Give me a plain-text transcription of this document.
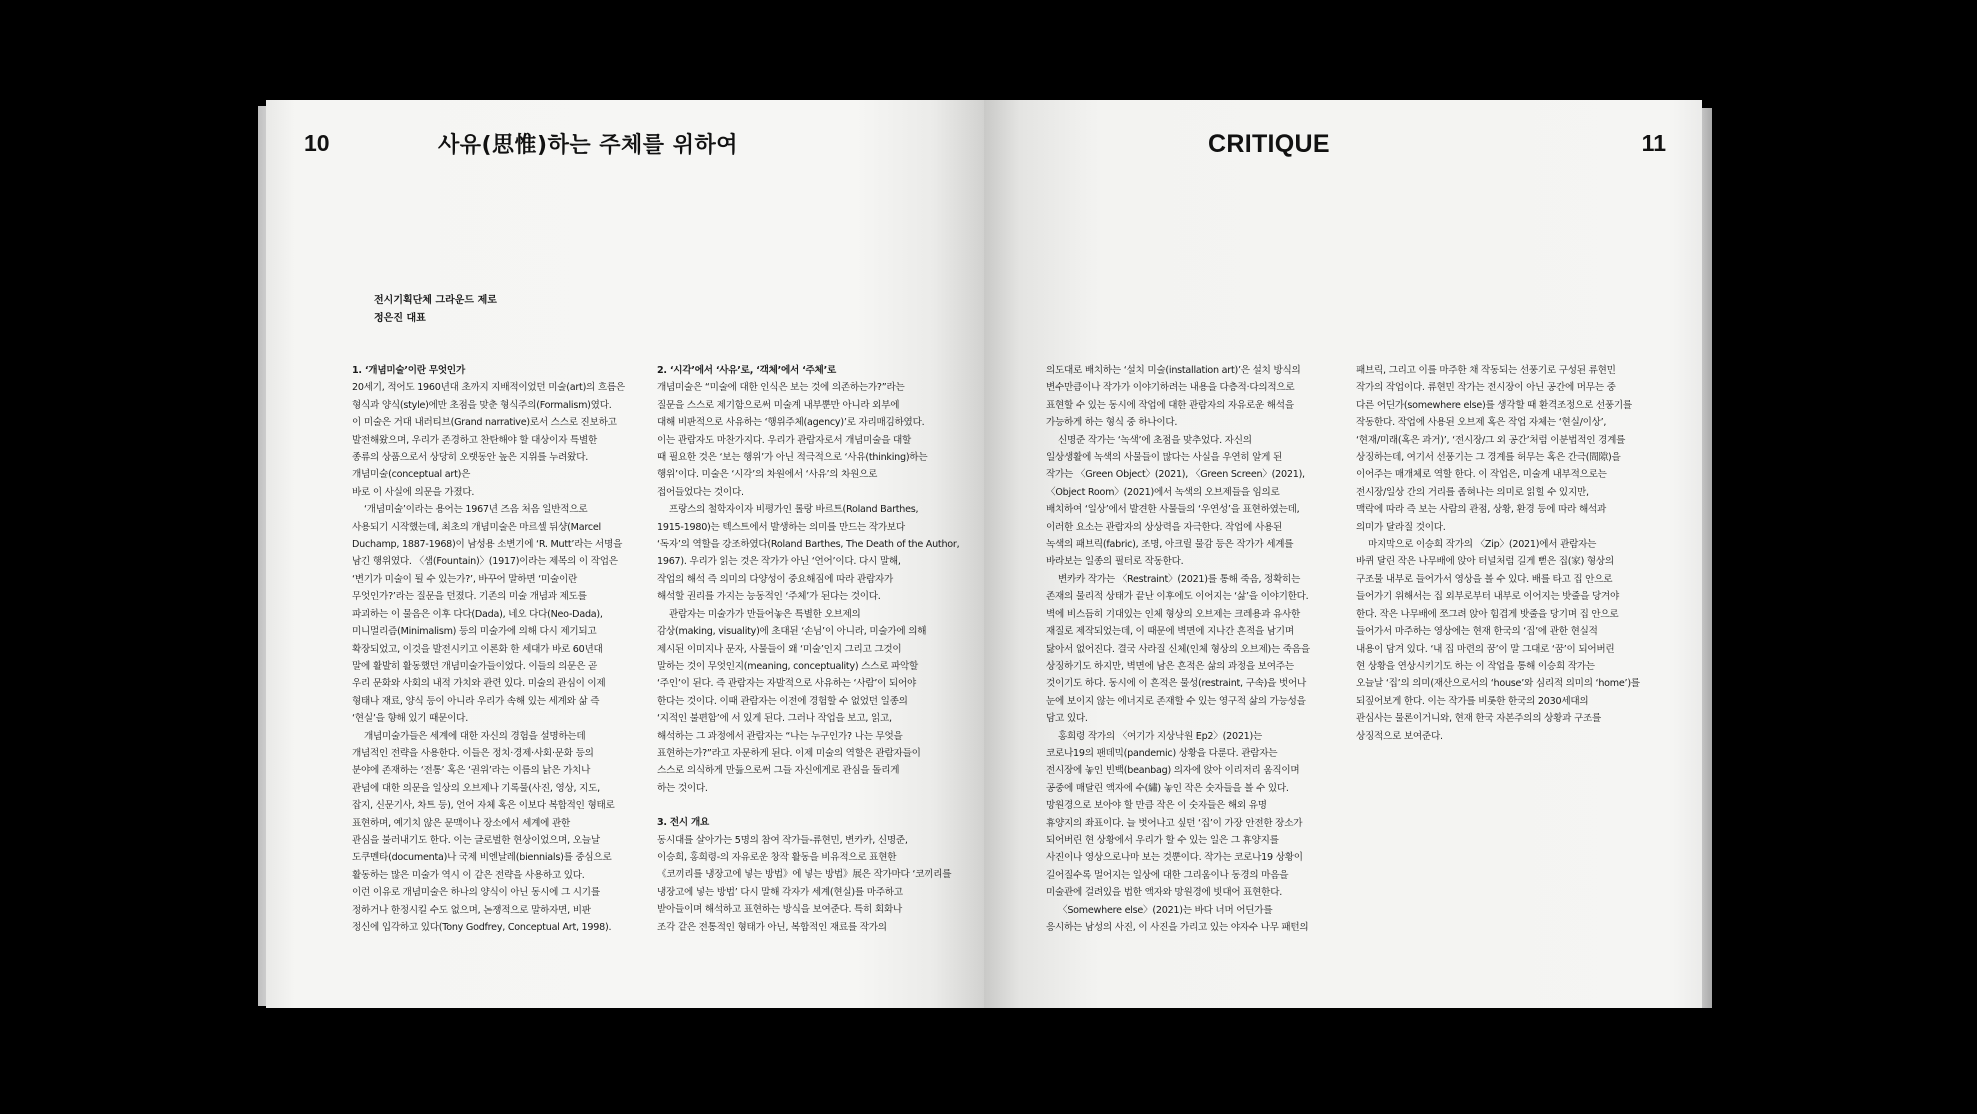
10	사유(思惟)하는 주체를 위하여
전시기획단체 그라운드 제로
정은진 대표

1. ‘개념미술’이란 무엇인가

20세기, 적어도 1960년대 초까지 지배적이었던 미술(art)의 흐름은

형식과 양식(style)에만 초점을 맞춘 형식주의(Formalism)였다.

이 미술은 거대 내러티브(Grand narrative)로서 스스로 진보하고

발전해왔으며, 우리가 존경하고 찬탄해야 할 대상이자 특별한

종류의 상품으로서 상당히 오랫동안 높은 지위를 누려왔다.

개념미술(conceptual art)은

바로 이 사실에 의문을 가졌다.

‘개념미술’이라는 용어는 1967년 즈음 처음 일반적으로

사용되기 시작했는데, 최초의 개념미술은 마르셀 뒤샹(Marcel

Duchamp, 1887-1968)이 남성용 소변기에 ‘R. Mutt’라는 서명을

남긴 행위였다. 〈샘(Fountain)〉(1917)이라는 제목의 이 작업은

‘변기가 미술이 될 수 있는가?’, 바꾸어 말하면 ‘미술이란

무엇인가?’라는 질문을 던졌다. 기존의 미술 개념과 제도를

파괴하는 이 물음은 이후 다다(Dada), 네오 다다(Neo-Dada),

미니멀리즘(Minimalism) 등의 미술가에 의해 다시 제기되고

확장되었고, 이것을 발전시키고 이론화 한 세대가 바로 60년대

말에 활발히 활동했던 개념미술가들이었다. 이들의 의문은 곧

우리 문화와 사회의 내적 가치와 관련 있다. 미술의 관심이 이제

형태나 재료, 양식 등이 아니라 우리가 속해 있는 세계와 삶 즉

‘현실’을 향해 있기 때문이다.

개념미술가들은 세계에 대한 자신의 경험을 설명하는데

개념적인 전략을 사용한다. 이들은 정치·경제·사회·문화 등의

분야에 존재하는 ‘전통’ 혹은 ‘권위’라는 이름의 낡은 가치나

관념에 대한 의문을 일상의 오브제나 기록물(사진, 영상, 지도,

잡지, 신문기사, 차트 등), 언어 자체 혹은 이보다 복합적인 형태로

표현하며, 예기치 않은 문맥이나 장소에서 세계에 관한

관심을 불러내기도 한다. 이는 글로벌한 현상이었으며, 오늘날

도쿠멘타(documenta)나 국제 비엔날레(biennials)를 중심으로

활동하는 많은 미술가 역시 이 같은 전략을 사용하고 있다.

이런 이유로 개념미술은 하나의 양식이 아닌 동시에 그 시기를

정하거나 한정시킬 수도 없으며, 논쟁적으로 말하자면, 비판

정신에 입각하고 있다(Tony Godfrey, Conceptual Art, 1998).

2. ‘시각’에서 ‘사유’로, ‘객체’에서 ‘주체’로

개념미술은 “미술에 대한 인식은 보는 것에 의존하는가?”라는

질문을 스스로 제기함으로써 미술계 내부뿐만 아니라 외부에

대해 비판적으로 사유하는 ‘행위주체(agency)’로 자리매김하였다.

이는 관람자도 마찬가지다. 우리가 관람자로서 개념미술을 대할

때 필요한 것은 ‘보는 행위’가 아닌 적극적으로 ‘사유(thinking)하는

행위’이다. 미술은 ‘시각’의 차원에서 ‘사유’의 차원으로

접어들었다는 것이다.

프랑스의 철학자이자 비평가인 롤랑 바르트(Roland Barthes,

1915-1980)는 텍스트에서 발생하는 의미를 만드는 작가보다

‘독자’의 역할을 강조하였다(Roland Barthes, The Death of the Author,

1967). 우리가 읽는 것은 작가가 아닌 ‘언어’이다. 다시 말해,

작업의 해석 즉 의미의 다양성이 중요해짐에 따라 관람자가

해석할 권리를 가지는 능동적인 ‘주체’가 된다는 것이다.

관람자는 미술가가 만들어놓은 특별한 오브제의

감상(making, visuality)에 초대된 ‘손님’이 아니라, 미술가에 의해

제시된 이미지나 문자, 사물들이 왜 ‘미술’인지 그리고 그것이

말하는 것이 무엇인지(meaning, conceptuality) 스스로 파악할

‘주인’이 된다. 즉 관람자는 자발적으로 사유하는 ‘사람’이 되어야

한다는 것이다. 이때 관람자는 이전에 경험할 수 없었던 일종의

‘지적인 불편함’에 서 있게 된다. 그러나 작업을 보고, 읽고,

해석하는 그 과정에서 관람자는 “나는 누구인가? 나는 무엇을

표현하는가?”라고 자문하게 된다. 이제 미술의 역할은 관람자들이

스스로 의식하게 만듦으로써 그들 자신에게로 관심을 돌리게

하는 것이다.

3. 전시 개요

동시대를 살아가는 5명의 참여 작가들-류현민, 변카카, 신명준,

이승희, 홍희령-의 자유로운 창작 활동을 비유적으로 표현한

《코끼리를 냉장고에 넣는 방법》에 넣는 방법》展은 작가마다 ‘코끼리를

냉장고에 넣는 방법’ 다시 말해 각자가 세계(현실)를 마주하고

받아들이며 해석하고 표현하는 방식을 보여준다. 특히 회화나

조각 같은 전통적인 형태가 아닌, 복합적인 재료를 작가의

CRITIQUE	11

의도대로 배치하는 ‘설치 미술(installation art)’은 설치 방식의

변수만큼이나 작가가 이야기하려는 내용을 다층적·다의적으로

표현할 수 있는 동시에 작업에 대한 관람자의 자유로운 해석을

가능하게 하는 형식 중 하나이다.

신명준 작가는 ‘녹색’에 초점을 맞추었다. 자신의

일상생활에 녹색의 사물들이 많다는 사실을 우연히 알게 된

작가는 〈Green Object〉(2021), 〈Green Screen〉(2021),

〈Object Room〉(2021)에서 녹색의 오브제들을 임의로

배치하여 ‘일상’에서 발견한 사물들의 ‘우연성’을 표현하였는데,

이러한 요소는 관람자의 상상력을 자극한다. 작업에 사용된

녹색의 패브릭(fabric), 조명, 아크릴 물감 등은 작가가 세계를

바라보는 일종의 필터로 작동한다.

변카카 작가는 〈Restraint〉(2021)를 통해 죽음, 정확히는

존재의 물리적 상태가 끝난 이후에도 이어지는 ‘삶’을 이야기한다.

벽에 비스듬히 기대있는 인체 형상의 오브제는 크레용과 유사한

재질로 제작되었는데, 이 때문에 벽면에 지나간 흔적을 남기며

닳아서 없어진다. 결국 사라질 신체(인체 형상의 오브제)는 죽음을

상징하기도 하지만, 벽면에 남은 흔적은 삶의 과정을 보여주는

것이기도 하다. 동시에 이 흔적은 물성(restraint, 구속)을 벗어나

눈에 보이지 않는 에너지로 존재할 수 있는 영구적 삶의 가능성을

담고 있다.

홍희령 작가의 〈여기가 지상낙원 Ep2〉(2021)는

코로나19의 팬데믹(pandemic) 상황을 다룬다. 관람자는

전시장에 놓인 빈백(beanbag) 의자에 앉아 이리저리 움직이며

공중에 매달린 액자에 수(繡) 놓인 작은 숫자들을 볼 수 있다.

망원경으로 보아야 할 만큼 작은 이 숫자들은 해외 유명

휴양지의 좌표이다. 늘 벗어나고 싶던 ‘집’이 가장 안전한 장소가

되어버린 현 상황에서 우리가 할 수 있는 일은 그 휴양지를

사진이나 영상으로나마 보는 것뿐이다. 작가는 코로나19 상황이

길어질수록 멀어지는 일상에 대한 그리움이나 동경의 마음을

미술관에 걸려있을 법한 액자와 망원경에 빗대어 표현한다.

〈Somewhere else〉(2021)는 바다 너머 어딘가를

응시하는 남성의 사진, 이 사진을 가리고 있는 야자수 나무 패턴의

패브릭, 그리고 이를 마주한 채 작동되는 선풍기로 구성된 류현민

작가의 작업이다. 류현민 작가는 전시장이 아닌 공간에 머무는 중

다른 어딘가(somewhere else)를 생각할 때 환격조정으로 선풍기를

작동한다. 작업에 사용된 오브제 혹은 작업 자체는 ‘현실/이상’,

‘현재/미래(혹은 과거)’, ‘전시장/그 외 공간’처럼 이분법적인 경계를

상징하는데, 여기서 선풍기는 그 경계를 허무는 혹은 간극(間隙)을

이어주는 매개체로 역할 한다. 이 작업은, 미술계 내부적으로는

전시장/일상 간의 거리를 좁혀나는 의미로 읽힐 수 있지만,

맥락에 따라 즉 보는 사람의 관점, 상황, 환경 등에 따라 해석과

의미가 달라질 것이다.

마지막으로 이승희 작가의 〈Zip〉(2021)에서 관람자는

바퀴 달린 작은 나무배에 앉아 터널처럼 길게 뻗은 집(家) 형상의

구조물 내부로 들어가서 영상을 볼 수 있다. 배를 타고 집 안으로

들어가기 위해서는 집 외부로부터 내부로 이어지는 밧줄을 당겨야

한다. 작은 나무배에 쪼그려 앉아 힘겹게 밧줄을 당기며 집 안으로

들어가서 마주하는 영상에는 현재 한국의 ‘집’에 관한 현실적

내용이 담겨 있다. ‘내 집 마련의 꿈’이 말 그대로 ‘꿈’이 되어버린

현 상황을 연상시키기도 하는 이 작업을 통해 이승희 작가는

오늘날 ‘집’의 의미(재산으로서의 ‘house’와 심리적 의미의 ‘home’)를

되짚어보게 한다. 이는 작가를 비롯한 한국의 2030세대의

관심사는 물론이거니와, 현재 한국 자본주의의 상황과 구조를

상징적으로 보여준다.
